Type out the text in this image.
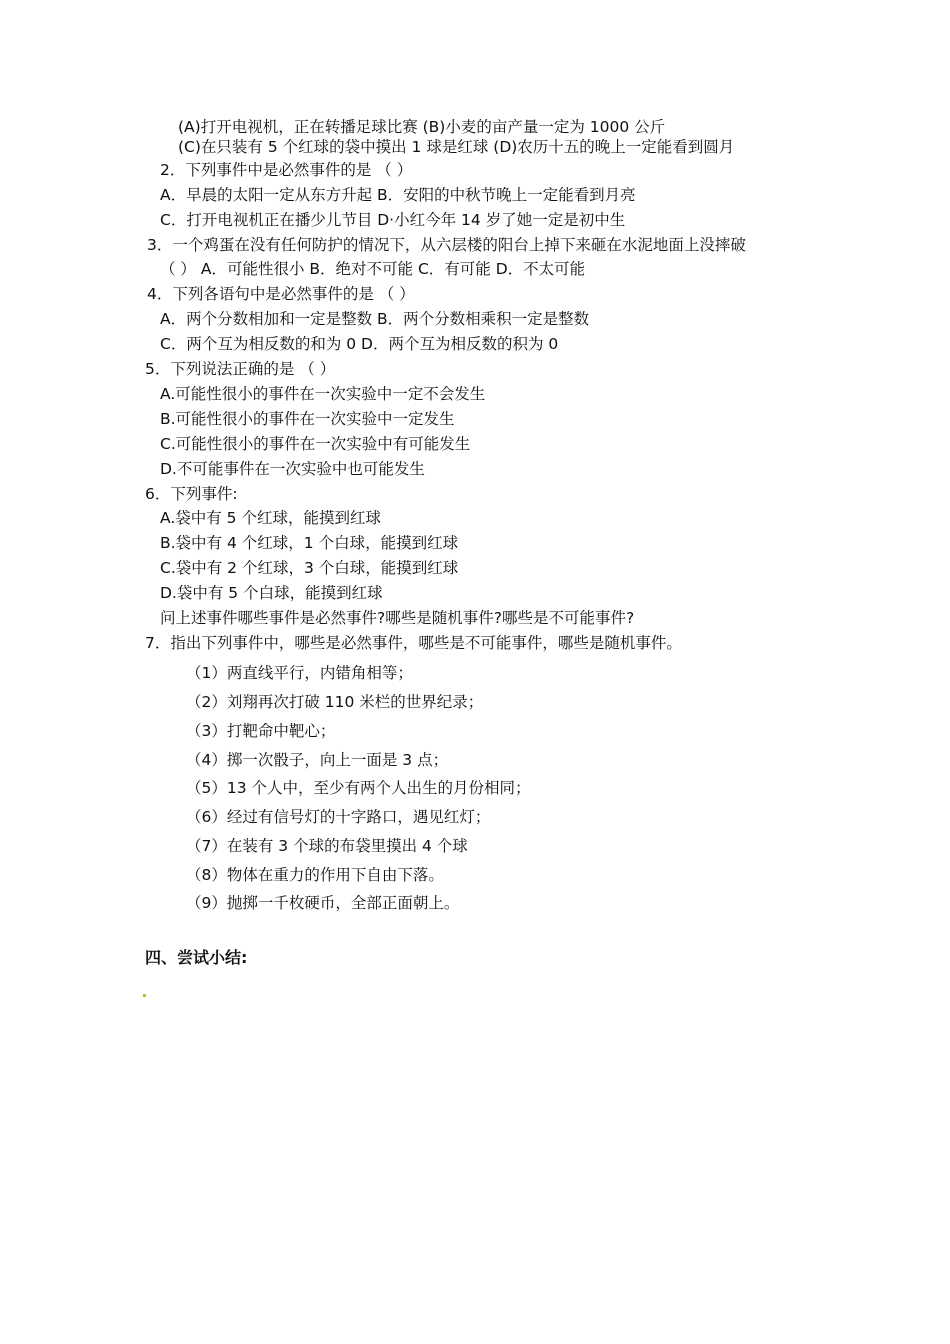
(A)打开电视机，正在转播足球比赛 (B)小麦的亩产量一定为 1000 公斤
(C)在只装有 5 个红球的袋中摸出 1 球是红球 (D)农历十五的晚上一定能看到圆月
2．下列事件中是必然事件的是 （ ）
A．早晨的太阳一定从东方升起 B．安阳的中秋节晚上一定能看到月亮
C．打开电视机正在播少儿节目 D·小红今年 14 岁了她一定是初中生
3．一个鸡蛋在没有任何防护的情况下，从六层楼的阳台上掉下来砸在水泥地面上没摔破
（ ） A．可能性很小 B．绝对不可能 C．有可能 D．不太可能
4．下列各语句中是必然事件的是 （ ）
A．两个分数相加和一定是整数 B．两个分数相乘积一定是整数
C．两个互为相反数的和为 0 D．两个互为相反数的积为 0
5．下列说法正确的是 （ ）
A.可能性很小的事件在一次实验中一定不会发生
B.可能性很小的事件在一次实验中一定发生
C.可能性很小的事件在一次实验中有可能发生
D.不可能事件在一次实验中也可能发生
6．下列事件:
A.袋中有 5 个红球，能摸到红球
B.袋中有 4 个红球，1 个白球，能摸到红球
C.袋中有 2 个红球，3 个白球，能摸到红球
D.袋中有 5 个白球，能摸到红球
问上述事件哪些事件是必然事件?哪些是随机事件?哪些是不可能事件?
7．指出下列事件中，哪些是必然事件，哪些是不可能事件，哪些是随机事件。
（1）两直线平行，内错角相等；
（2）刘翔再次打破 110 米栏的世界纪录；
（3）打靶命中靶心；
（4）掷一次骰子，向上一面是 3 点；
（5）13 个人中，至少有两个人出生的月份相同；
（6）经过有信号灯的十字路口，遇见红灯；
（7）在装有 3 个球的布袋里摸出 4 个球
（8）物体在重力的作用下自由下落。
（9）抛掷一千枚硬币，全部正面朝上。
四、尝试小结:
